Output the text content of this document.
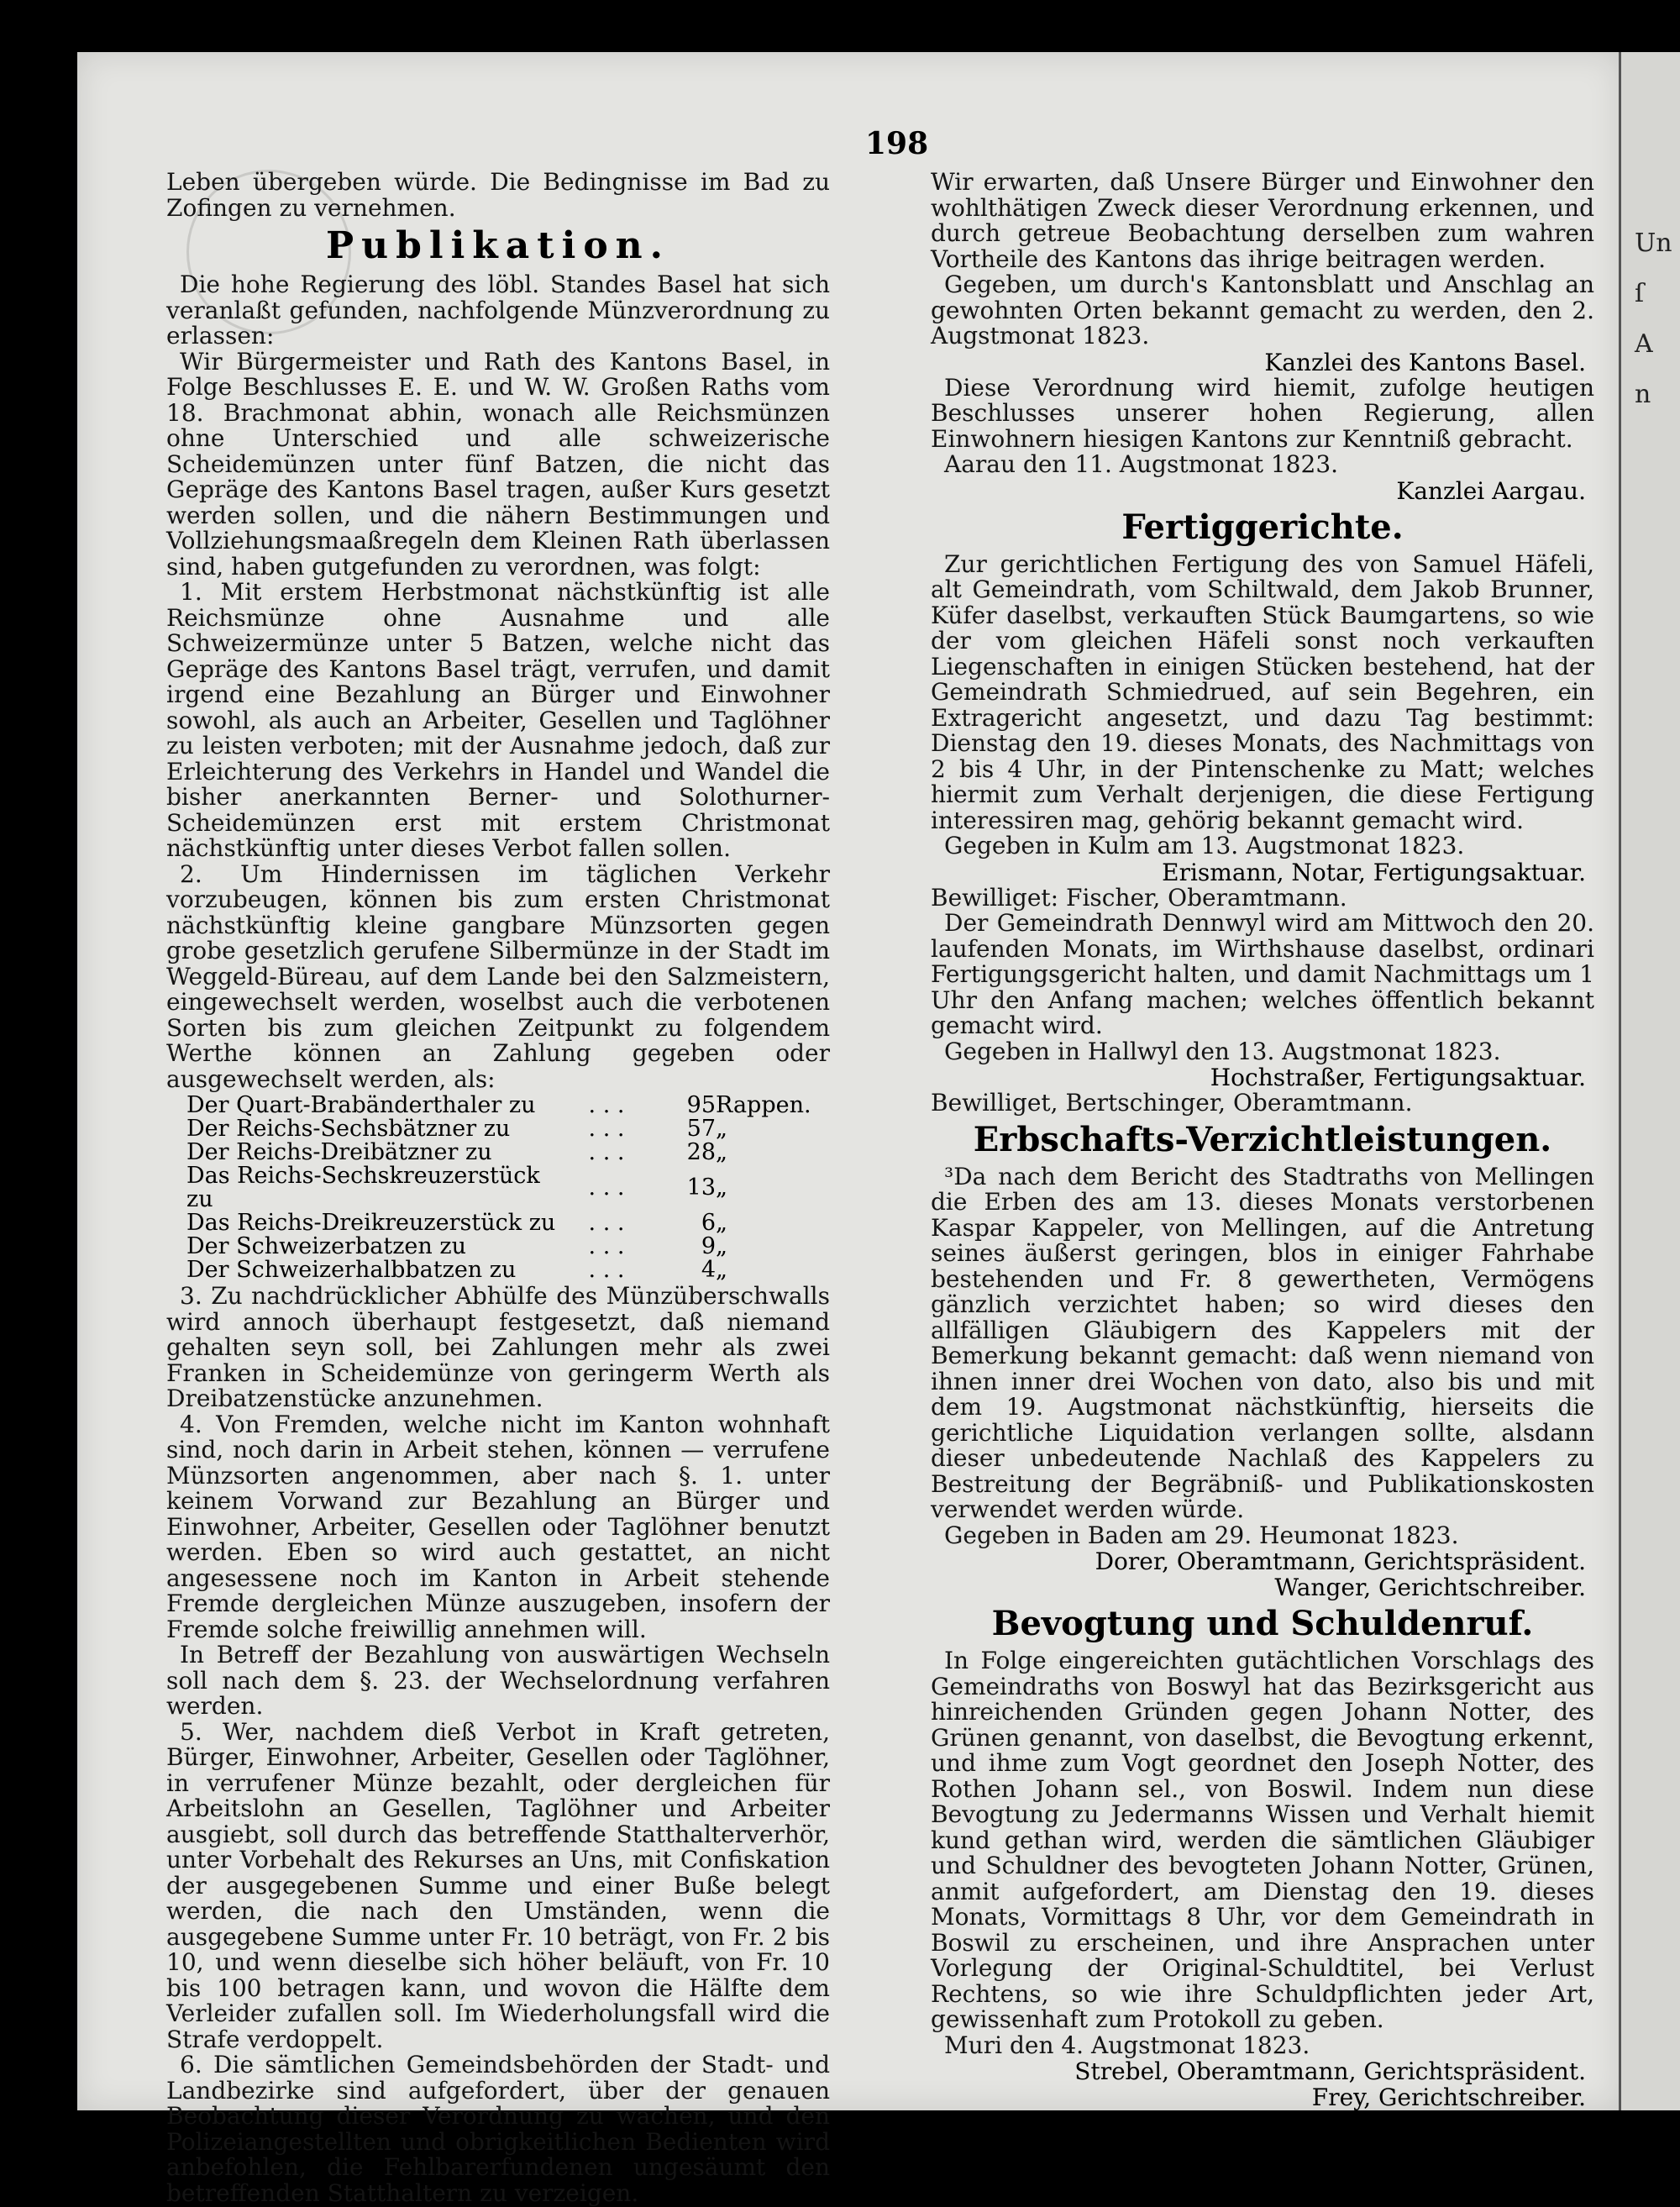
Un
ſ
A
n
198

Leben übergeben würde. Die Bedingnisse im Bad zu Zofingen zu vernehmen.

Publikation.

Die hohe Regierung des löbl. Standes Basel hat sich veranlaßt gefunden, nachfolgende Münzverordnung zu erlassen:

Wir Bürgermeister und Rath des Kantons Basel, in Folge Beschlusses E. E. und W. W. Großen Raths vom 18. Brachmonat abhin, wonach alle Reichsmünzen ohne Unterschied und alle schweizerische Scheidemünzen unter fünf Batzen, die nicht das Gepräge des Kantons Basel tragen, außer Kurs gesetzt werden sollen, und die nähern Bestimmungen und Vollziehungsmaaßregeln dem Kleinen Rath überlassen sind, haben gutgefunden zu verordnen, was folgt:

1. Mit erstem Herbstmonat nächstkünftig ist alle Reichsmünze ohne Ausnahme und alle Schweizermünze unter 5 Batzen, welche nicht das Gepräge des Kantons Basel trägt, verrufen, und damit irgend eine Bezahlung an Bürger und Einwohner sowohl, als auch an Arbeiter, Gesellen und Taglöhner zu leisten verboten; mit der Ausnahme jedoch, daß zur Erleichterung des Verkehrs in Handel und Wandel die bisher anerkannten Berner- und Solothurner-Scheidemünzen erst mit erstem Christmonat nächstkünftig unter dieses Verbot fallen sollen.

2. Um Hindernissen im täglichen Verkehr vorzubeugen, können bis zum ersten Christmonat nächstkünftig kleine gangbare Münzsorten gegen grobe gesetzlich gerufene Silbermünze in der Stadt im Weggeld-Büreau, auf dem Lande bei den Salzmeistern, eingewechselt werden, woselbst auch die verbotenen Sorten bis zum gleichen Zeitpunkt zu folgendem Werthe können an Zahlung gegeben oder ausgewechselt werden, als:

Der Quart-Brabänderthaler zu	. . .	95	Rappen.
Der Reichs-Sechsbätzner zu	. . .	57	„
Der Reichs-Dreibätzner zu	. . .	28	„
Das Reichs-Sechskreuzerstück zu	. . .	13	„
Das Reichs-Dreikreuzerstück zu	. . .	6	„
Der Schweizerbatzen zu	. . .	9	„
Der Schweizerhalbbatzen zu	. . .	4	„

3. Zu nachdrücklicher Abhülfe des Münzüberschwalls wird annoch überhaupt festgesetzt, daß niemand gehalten seyn soll, bei Zahlungen mehr als zwei Franken in Scheidemünze von geringerm Werth als Dreibatzenstücke anzunehmen.

4. Von Fremden, welche nicht im Kanton wohnhaft sind, noch darin in Arbeit stehen, können — verrufene Münzsorten angenommen, aber nach §. 1. unter keinem Vorwand zur Bezahlung an Bürger und Einwohner, Arbeiter, Gesellen oder Taglöhner benutzt werden. Eben so wird auch gestattet, an nicht angesessene noch im Kanton in Arbeit stehende Fremde dergleichen Münze auszugeben, insofern der Fremde solche freiwillig annehmen will.

In Betreff der Bezahlung von auswärtigen Wechseln soll nach dem §. 23. der Wechselordnung verfahren werden.

5. Wer, nachdem dieß Verbot in Kraft getreten, Bürger, Einwohner, Arbeiter, Gesellen oder Taglöhner, in verrufener Münze bezahlt, oder dergleichen für Arbeitslohn an Gesellen, Taglöhner und Arbeiter ausgiebt, soll durch das betreffende Statthalterverhör, unter Vorbehalt des Rekurses an Uns, mit Confiskation der ausgegebenen Summe und einer Buße belegt werden, die nach den Umständen, wenn die ausgegebene Summe unter Fr. 10 beträgt, von Fr. 2 bis 10, und wenn dieselbe sich höher beläuft, von Fr. 10 bis 100 betragen kann, und wovon die Hälfte dem Verleider zufallen soll. Im Wiederholungsfall wird die Strafe verdoppelt.

6. Die sämtlichen Gemeindsbehörden der Stadt- und Landbezirke sind aufgefordert, über der genauen Beobachtung dieser Verordnung zu wachen, und den Polizeiangestellten und obrigkeitlichen Bedienten wird anbefohlen, die Fehlbarerfundenen ungesäumt den betreffenden Statthaltern zu verzeigen.

Wir erwarten, daß Unsere Bürger und Einwohner den wohlthätigen Zweck dieser Verordnung erkennen, und durch getreue Beobachtung derselben zum wahren Vortheile des Kantons das ihrige beitragen werden.

Gegeben, um durch's Kantonsblatt und Anschlag an gewohnten Orten bekannt gemacht zu werden, den 2. Augstmonat 1823.

Kanzlei des Kantons Basel.

Diese Verordnung wird hiemit, zufolge heutigen Beschlusses unserer hohen Regierung, allen Einwohnern hiesigen Kantons zur Kenntniß gebracht.

Aarau den 11. Augstmonat 1823.

Kanzlei Aargau.
Fertiggerichte.

Zur gerichtlichen Fertigung des von Samuel Häfeli, alt Gemeindrath, vom Schiltwald, dem Jakob Brunner, Küfer daselbst, verkauften Stück Baumgartens, so wie der vom gleichen Häfeli sonst noch verkauften Liegenschaften in einigen Stücken bestehend, hat der Gemeindrath Schmiedrued, auf sein Begehren, ein Extragericht angesetzt, und dazu Tag bestimmt: Dienstag den 19. dieses Monats, des Nachmittags von 2 bis 4 Uhr, in der Pintenschenke zu Matt; welches hiermit zum Verhalt derjenigen, die diese Fertigung interessiren mag, gehörig bekannt gemacht wird.

Gegeben in Kulm am 13. Augstmonat 1823.

Erismann, Notar, Fertigungsaktuar.

Bewilliget: Fischer, Oberamtmann.

Der Gemeindrath Dennwyl wird am Mittwoch den 20. laufenden Monats, im Wirthshause daselbst, ordinari Fertigungsgericht halten, und damit Nachmittags um 1 Uhr den Anfang machen; welches öffentlich bekannt gemacht wird.

Gegeben in Hallwyl den 13. Augstmonat 1823.

Hochstraßer, Fertigungsaktuar.

Bewilliget, Bertschinger, Oberamtmann.

Erbschafts-Verzichtleistungen.

³Da nach dem Bericht des Stadtraths von Mellingen die Erben des am 13. dieses Monats verstorbenen Kaspar Kappeler, von Mellingen, auf die Antretung seines äußerst geringen, blos in einiger Fahrhabe bestehenden und Fr. 8 gewertheten, Vermögens gänzlich verzichtet haben; so wird dieses den allfälligen Gläubigern des Kappelers mit der Bemerkung bekannt gemacht: daß wenn niemand von ihnen inner drei Wochen von dato, also bis und mit dem 19. Augstmonat nächstkünftig, hierseits die gerichtliche Liquidation verlangen sollte, alsdann dieser unbedeutende Nachlaß des Kappelers zu Bestreitung der Begräbniß- und Publikationskosten verwendet werden würde.

Gegeben in Baden am 29. Heumonat 1823.

Dorer, Oberamtmann, Gerichtspräsident.
Wanger, Gerichtschreiber.
Bevogtung und Schuldenruf.

In Folge eingereichten gutächtlichen Vorschlags des Gemeindraths von Boswyl hat das Bezirksgericht aus hinreichenden Gründen gegen Johann Notter, des Grünen genannt, von daselbst, die Bevogtung erkennt, und ihme zum Vogt geordnet den Joseph Notter, des Rothen Johann sel., von Boswil. Indem nun diese Bevogtung zu Jedermanns Wissen und Verhalt hiemit kund gethan wird, werden die sämtlichen Gläubiger und Schuldner des bevogteten Johann Notter, Grünen, anmit aufgefordert, am Dienstag den 19. dieses Monats, Vormittags 8 Uhr, vor dem Gemeindrath in Boswil zu erscheinen, und ihre Ansprachen unter Vorlegung der Original-Schuldtitel, bei Verlust Rechtens, so wie ihre Schuldpflichten jeder Art, gewissenhaft zum Protokoll zu geben.

Muri den 4. Augstmonat 1823.

Strebel, Oberamtmann, Gerichtspräsident.
Frey, Gerichtschreiber.
